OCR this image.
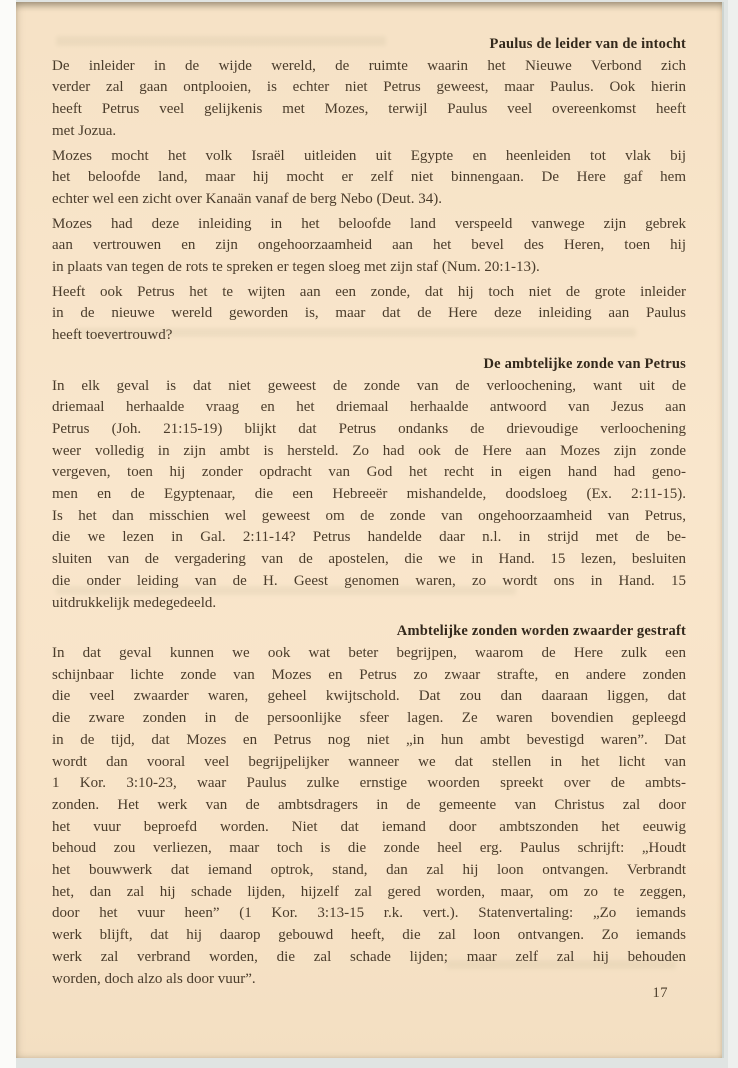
Paulus de leider van de intocht
De inleider in de wijde wereld, de ruimte waarin het Nieuwe Verbond zich
verder zal gaan ontplooien, is echter niet Petrus geweest, maar Paulus. Ook hierin
heeft Petrus veel gelijkenis met Mozes, terwijl Paulus veel overeenkomst heeft
met Jozua.
Mozes mocht het volk Israël uitleiden uit Egypte en heenleiden tot vlak bij
het beloofde land, maar hij mocht er zelf niet binnengaan. De Here gaf hem
echter wel een zicht over Kanaän vanaf de berg Nebo (Deut. 34).
Mozes had deze inleiding in het beloofde land verspeeld vanwege zijn gebrek
aan vertrouwen en zijn ongehoorzaamheid aan het bevel des Heren, toen hij
in plaats van tegen de rots te spreken er tegen sloeg met zijn staf (Num. 20:1-13).
Heeft ook Petrus het te wijten aan een zonde, dat hij toch niet de grote inleider
in de nieuwe wereld geworden is, maar dat de Here deze inleiding aan Paulus
heeft toevertrouwd?
De ambtelijke zonde van Petrus
In elk geval is dat niet geweest de zonde van de verloochening, want uit de
driemaal herhaalde vraag en het driemaal herhaalde antwoord van Jezus aan
Petrus (Joh. 21:15-19) blijkt dat Petrus ondanks de drievoudige verloochening
weer volledig in zijn ambt is hersteld. Zo had ook de Here aan Mozes zijn zonde
vergeven, toen hij zonder opdracht van God het recht in eigen hand had geno-
men en de Egyptenaar, die een Hebreeër mishandelde, doodsloeg (Ex. 2:11-15).
Is het dan misschien wel geweest om de zonde van ongehoorzaamheid van Petrus,
die we lezen in Gal. 2:11-14? Petrus handelde daar n.l. in strijd met de be-
sluiten van de vergadering van de apostelen, die we in Hand. 15 lezen, besluiten
die onder leiding van de H. Geest genomen waren, zo wordt ons in Hand. 15
uitdrukkelijk medegedeeld.
Ambtelijke zonden worden zwaarder gestraft
In dat geval kunnen we ook wat beter begrijpen, waarom de Here zulk een
schijnbaar lichte zonde van Mozes en Petrus zo zwaar strafte, en andere zonden
die veel zwaarder waren, geheel kwijtschold. Dat zou dan daaraan liggen, dat
die zware zonden in de persoonlijke sfeer lagen. Ze waren bovendien gepleegd
in de tijd, dat Mozes en Petrus nog niet „in hun ambt bevestigd waren”. Dat
wordt dan vooral veel begrijpelijker wanneer we dat stellen in het licht van
1 Kor. 3:10-23, waar Paulus zulke ernstige woorden spreekt over de ambts-
zonden. Het werk van de ambtsdragers in de gemeente van Christus zal door
het vuur beproefd worden. Niet dat iemand door ambtszonden het eeuwig
behoud zou verliezen, maar toch is die zonde heel erg. Paulus schrijft: „Houdt
het bouwwerk dat iemand optrok, stand, dan zal hij loon ontvangen. Verbrandt
het, dan zal hij schade lijden, hijzelf zal gered worden, maar, om zo te zeggen,
door het vuur heen” (1 Kor. 3:13-15 r.k. vert.). Statenvertaling: „Zo iemands
werk blijft, dat hij daarop gebouwd heeft, die zal loon ontvangen. Zo iemands
werk zal verbrand worden, die zal schade lijden; maar zelf zal hij behouden
worden, doch alzo als door vuur”.
17
